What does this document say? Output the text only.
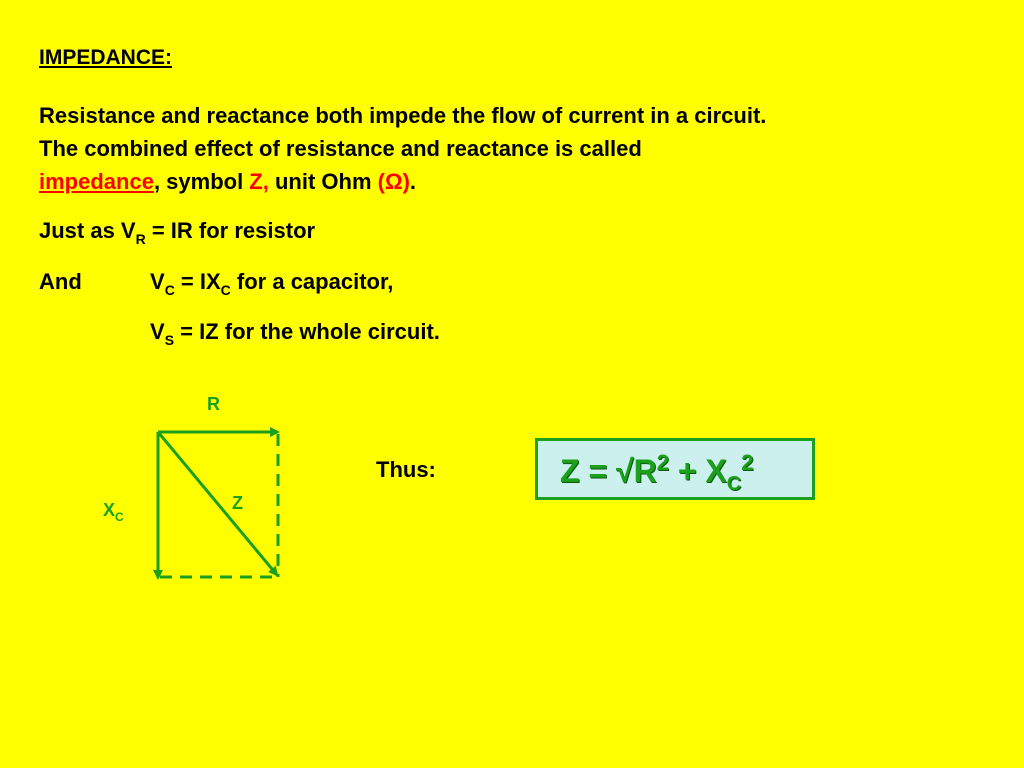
IMPEDANCE:
Resistance and reactance both impede the flow of current in a circuit.
The combined effect of resistance and reactance is called
impedance, symbol Z, unit Ohm (Ω).
Just as $V_R$ = IR for resistor
And	$V_C = IX_C$ for a capacitor,
$V_S$ = IZ for the whole circuit.
R
Z
$X_C$
Thus:	$Z = √R^2 + X_C^2$
